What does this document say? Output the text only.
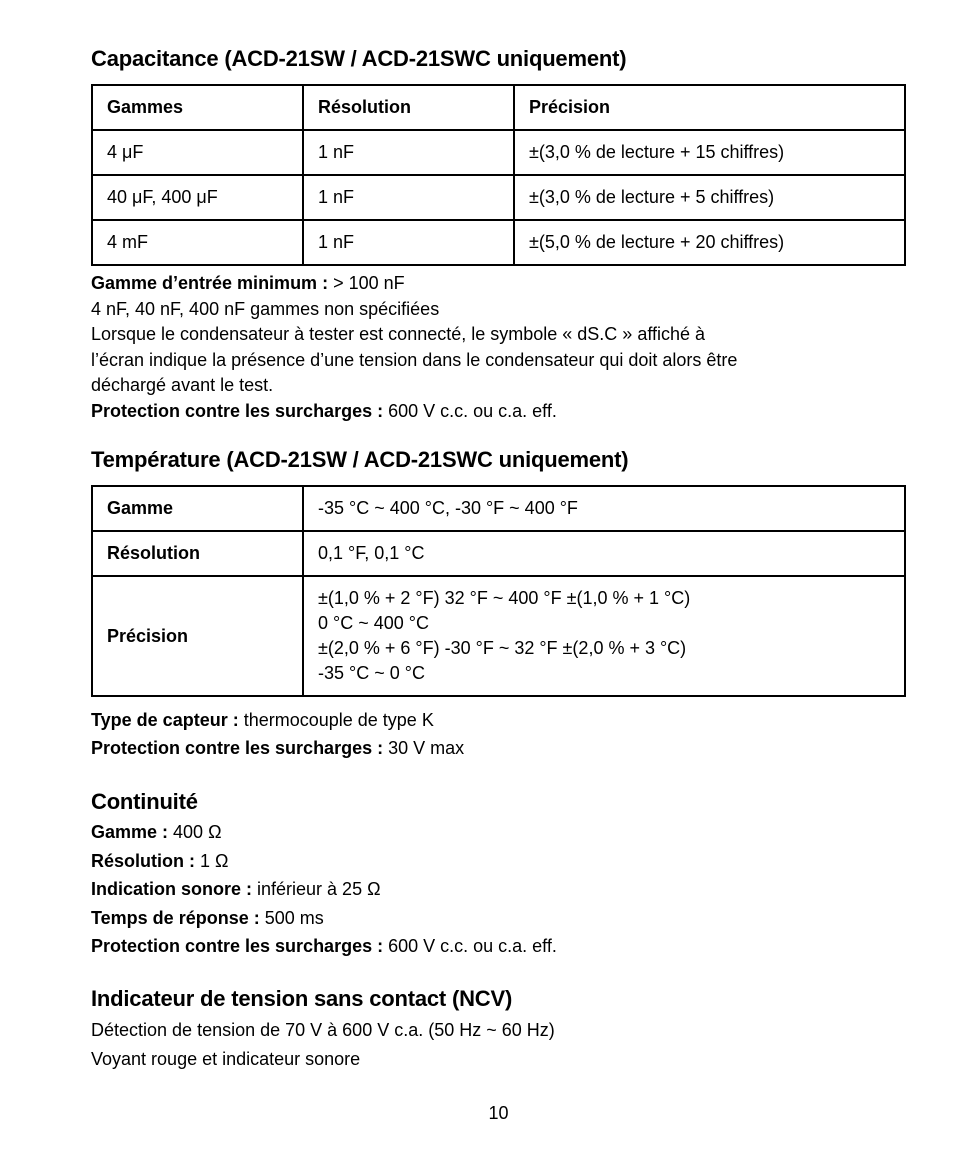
Capacitance (ACD-21SW / ACD-21SWC uniquement)
Gammes	Résolution	Précision
4 μF	1 nF	±(3,0 % de lecture + 15 chiffres)
40 μF, 400 μF	1 nF	±(3,0 % de lecture + 5 chiffres)
4 mF	1 nF	±(5,0 % de lecture + 20 chiffres)
Gamme d’entrée minimum : > 100 nF
4 nF, 40 nF, 400 nF gammes non spécifiées
Lorsque le condensateur à tester est connecté, le symbole « dS.C » affiché à
l’écran indique la présence d’une tension dans le condensateur qui doit alors être
déchargé avant le test.
Protection contre les surcharges : 600 V c.c. ou c.a. eff.
Température (ACD-21SW / ACD-21SWC uniquement)
Gamme	-35 °C ~ 400 °C, -30 °F ~ 400 °F
Résolution	0,1 °F, 0,1 °C
Précision	±(1,0 % + 2 °F) 32 °F ~ 400 °F ±(1,0 % + 1 °C)
0 °C ~ 400 °C
±(2,0 % + 6 °F) -30 °F ~ 32 °F ±(2,0 % + 3 °C)
-35 °C ~ 0 °C
Type de capteur : thermocouple de type K
Protection contre les surcharges : 30 V max
Continuité
Gamme : 400 Ω
Résolution : 1 Ω
Indication sonore : inférieur à 25 Ω
Temps de réponse : 500 ms
Protection contre les surcharges : 600 V c.c. ou c.a. eff.
Indicateur de tension sans contact (NCV)
Détection de tension de 70 V à 600 V c.a. (50 Hz ~ 60 Hz)
Voyant rouge et indicateur sonore
10
